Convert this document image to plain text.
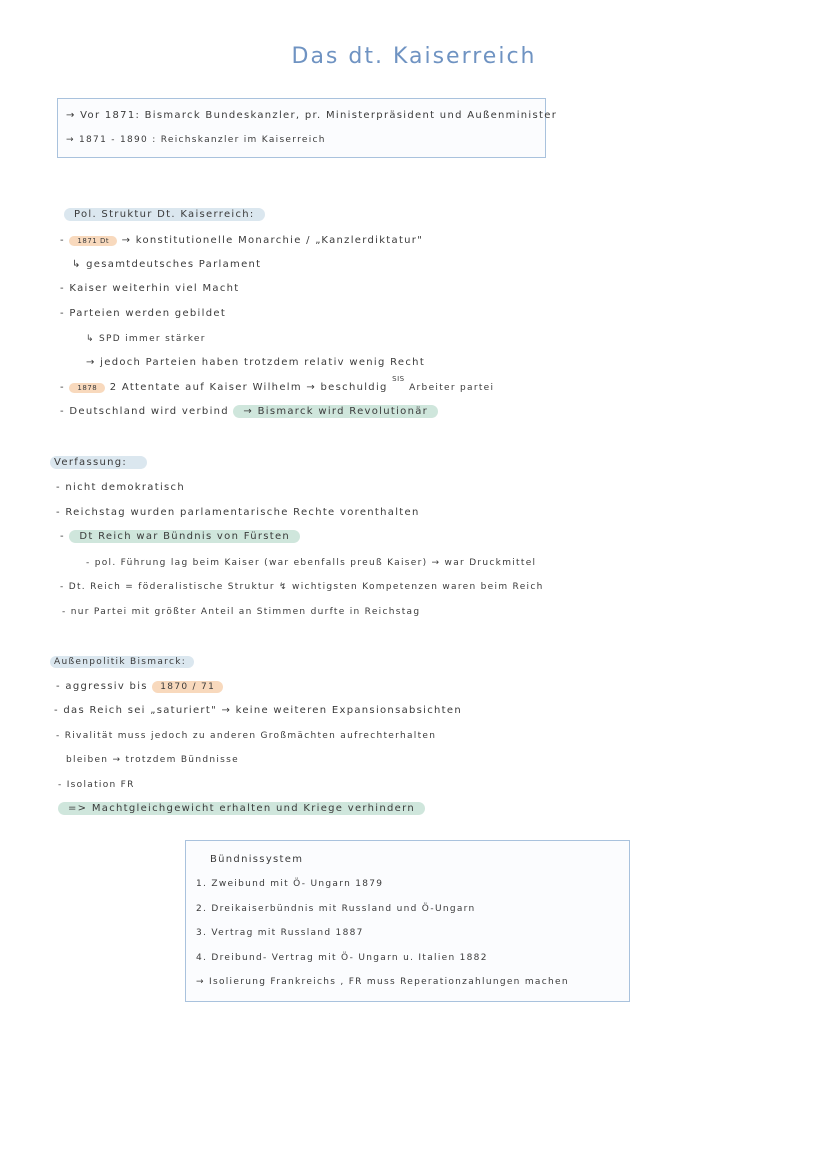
Das dt. Kaiserreich
→ Vor 1871: Bismarck Bundeskanzler, pr. Ministerpräsident und Außenminister
→ 1871 - 1890 : Reichskanzler im Kaiserreich
Pol. Struktur Dt. Kaiserreich:
- 1871 Dt → konstitutionelle Monarchie / „Kanzlerdiktatur"
↳ gesamtdeutsches Parlament
- Kaiser weiterhin viel Macht
- Parteien werden gebildet
↳ SPD immer stärker
→ jedoch Parteien haben trotzdem relativ wenig Recht
- 1878 2 Attentate auf Kaiser Wilhelm → beschuldig $^{SIS}$ Arbeiter partei
- Deutschland wird verbind → Bismarck wird Revolutionär
Verfassung:
- nicht demokratisch
- Reichstag wurden parlamentarische Rechte vorenthalten
- Dt Reich war Bündnis von Fürsten
- pol. Führung lag beim Kaiser (war ebenfalls preuß Kaiser) → war Druckmittel
- Dt. Reich = föderalistische Struktur ↯ wichtigsten Kompetenzen waren beim Reich
- nur Partei mit größter Anteil an Stimmen durfte in Reichstag
Außenpolitik Bismarck:
- aggressiv bis 1870 / 71
- das Reich sei „saturiert" → keine weiteren Expansionsabsichten
- Rivalität muss jedoch zu anderen Großmächten aufrechterhalten
bleiben → trotzdem Bündnisse
- Isolation FR
=> Machtgleichgewicht erhalten und Kriege verhindern
Bündnissystem
1. Zweibund mit Ö- Ungarn 1879
2. Dreikaiserbündnis mit Russland und Ö-Ungarn
3. Vertrag mit Russland 1887
4. Dreibund- Vertrag mit Ö- Ungarn u. Italien 1882
→ Isolierung Frankreichs , FR muss Reperationzahlungen machen
